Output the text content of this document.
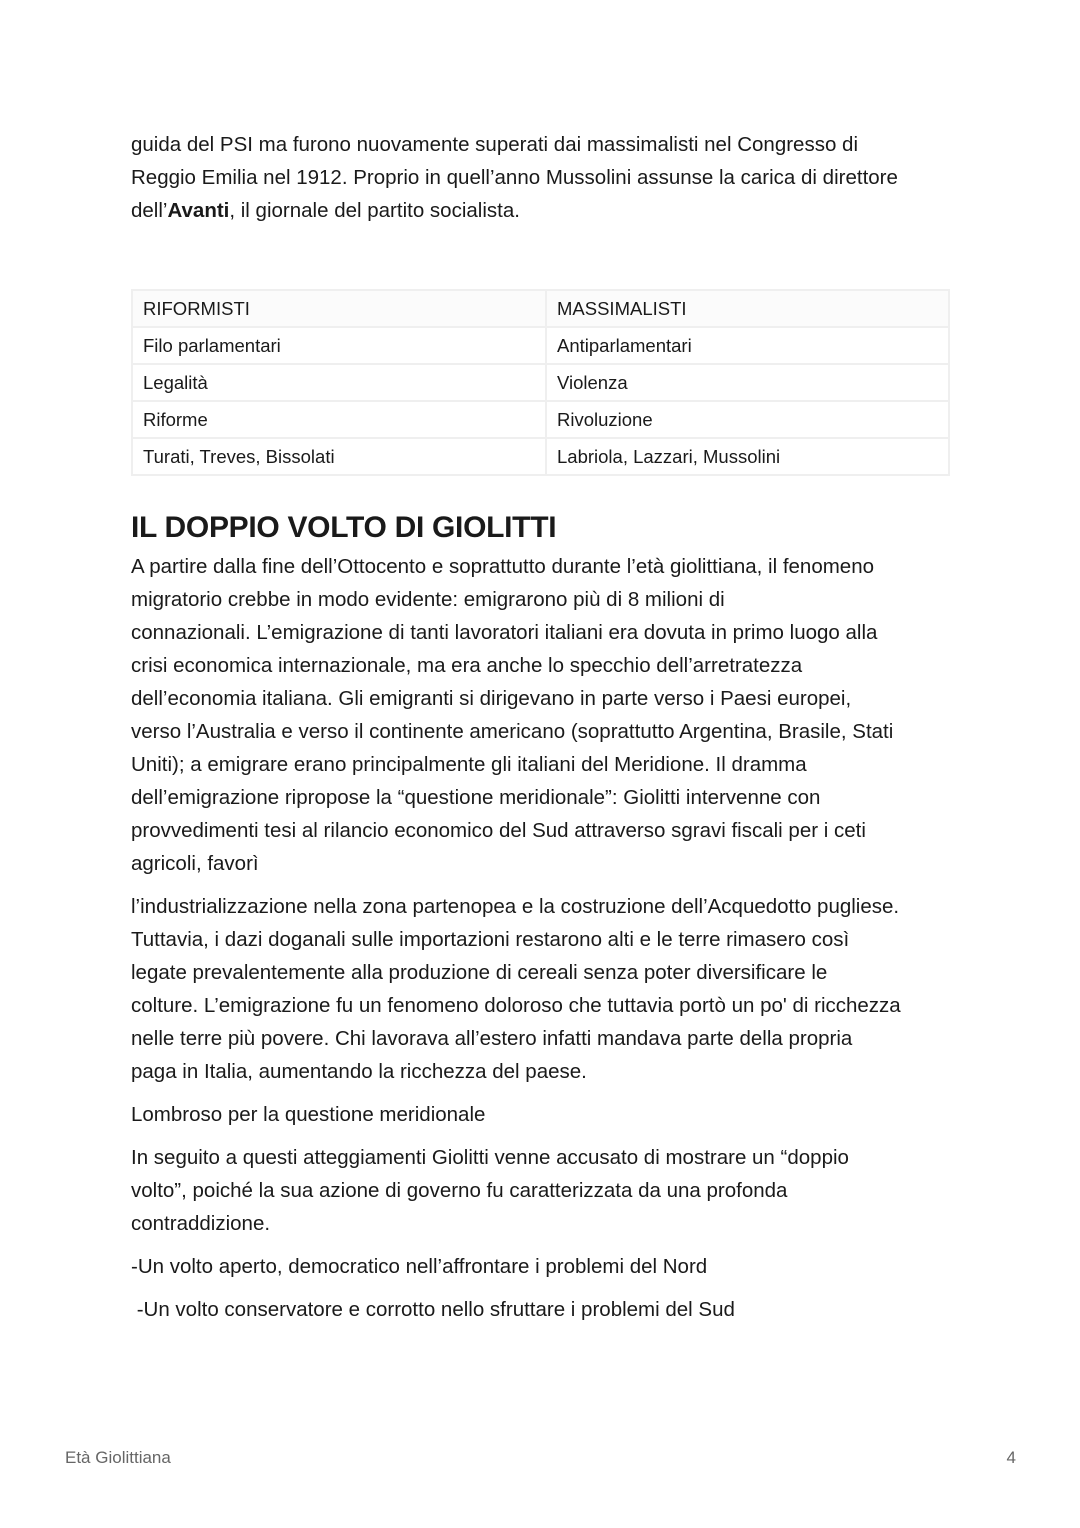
guida del PSI ma furono nuovamente superati dai massimalisti nel Congresso di
Reggio Emilia nel 1912. Proprio in quell’anno Mussolini assunse la carica di direttore
dell’Avanti, il giornale del partito socialista.

RIFORMISTI	MASSIMALISTI
Filo parlamentari	Antiparlamentari
Legalità	Violenza
Riforme	Rivoluzione
Turati, Treves, Bissolati	Labriola, Lazzari, Mussolini
IL DOPPIO VOLTO DI GIOLITTI

A partire dalla fine dell’Ottocento e soprattutto durante l’età giolittiana, il fenomeno
migratorio crebbe in modo evidente: emigrarono più di 8 milioni di
connazionali. L’emigrazione di tanti lavoratori italiani era dovuta in primo luogo alla
crisi economica internazionale, ma era anche lo specchio dell’arretratezza
dell’economia italiana. Gli emigranti si dirigevano in parte verso i Paesi europei,
verso l’Australia e verso il continente americano (soprattutto Argentina, Brasile, Stati
Uniti); a emigrare erano principalmente gli italiani del Meridione. Il dramma
dell’emigrazione ripropose la “questione meridionale”: Giolitti intervenne con
provvedimenti tesi al rilancio economico del Sud attraverso sgravi fiscali per i ceti
agricoli, favorì

l’industrializzazione nella zona partenopea e la costruzione dell’Acquedotto pugliese.
Tuttavia, i dazi doganali sulle importazioni restarono alti e le terre rimasero così
legate prevalentemente alla produzione di cereali senza poter diversificare le
colture. L’emigrazione fu un fenomeno doloroso che tuttavia portò un po' di ricchezza
nelle terre più povere. Chi lavorava all’estero infatti mandava parte della propria
paga in Italia, aumentando la ricchezza del paese.

Lombroso per la questione meridionale

In seguito a questi atteggiamenti Giolitti venne accusato di mostrare un “doppio
volto”, poiché la sua azione di governo fu caratterizzata da una profonda
contraddizione.

-Un volto aperto, democratico nell’affrontare i problemi del Nord

-Un volto conservatore e corrotto nello sfruttare i problemi del Sud

Età Giolittiana	4
